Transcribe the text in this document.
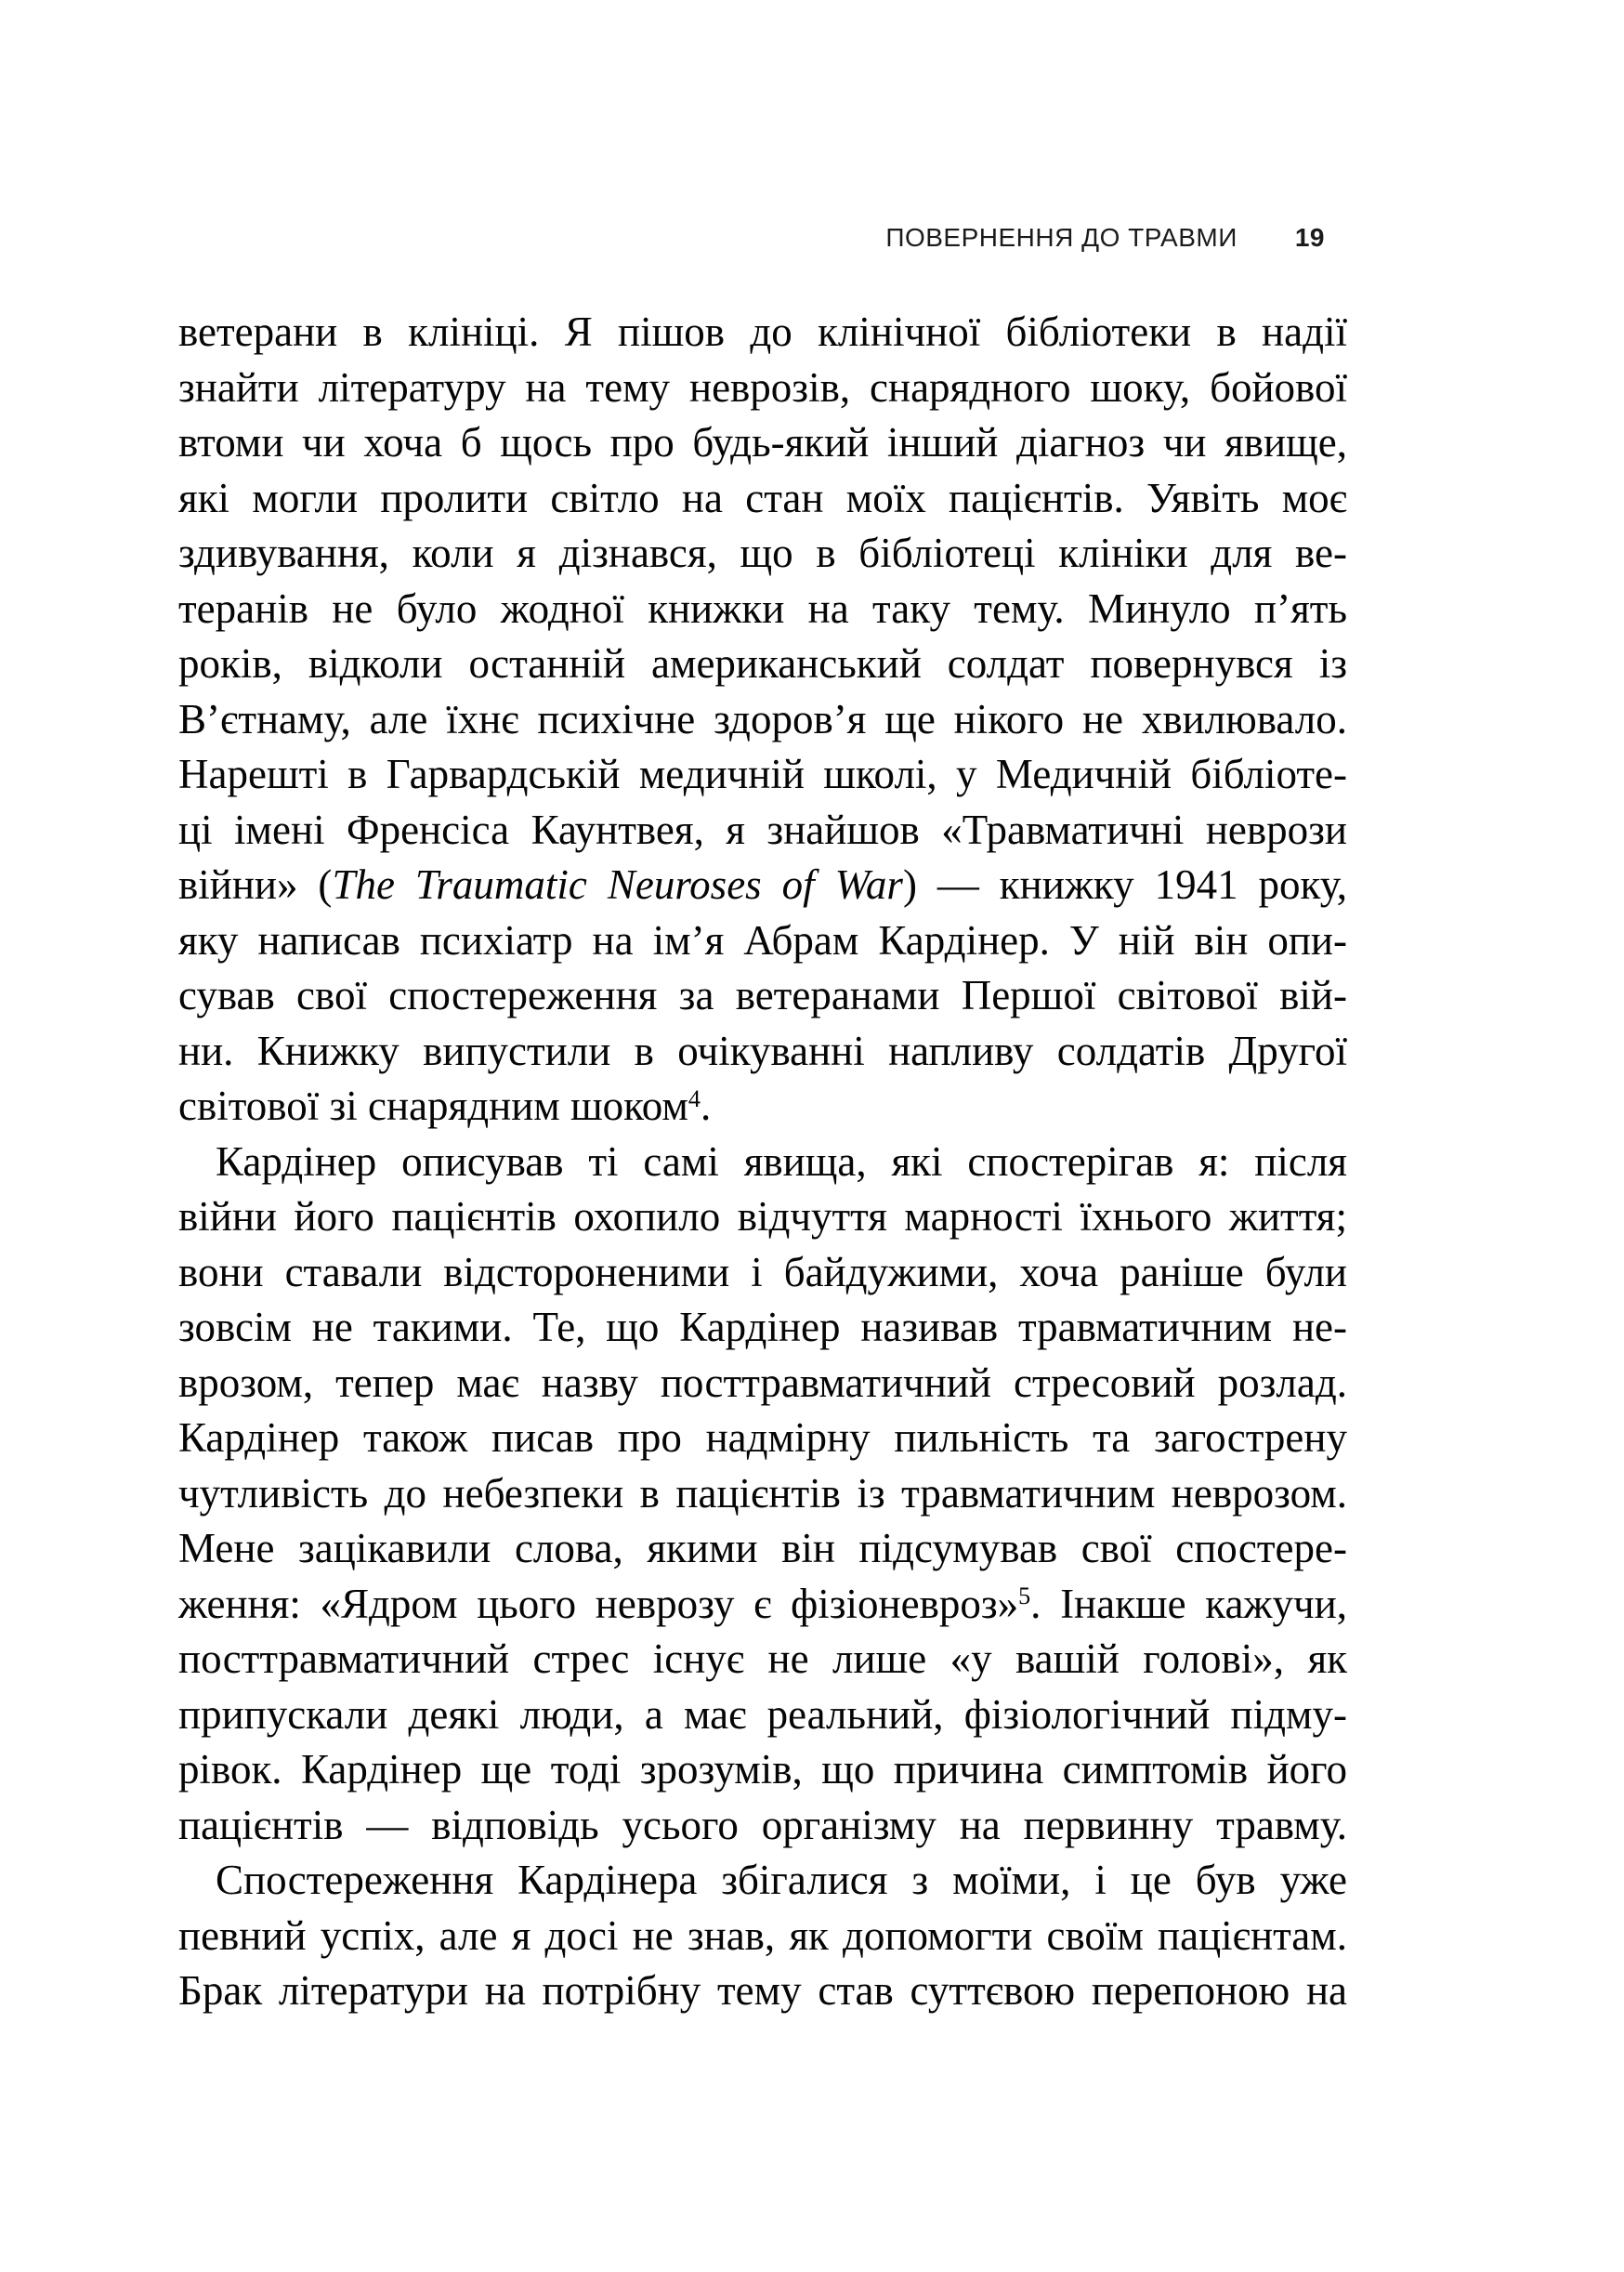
ПОВЕРНЕННЯ ДО ТРАВМИ 19
ветерани в клініці. Я пішов до клінічної бібліотеки в надії
знайти літературу на тему неврозів, снарядного шоку, бойової
втоми чи хоча б щось про будь-який інший діагноз чи явище,
які могли пролити світло на стан моїх пацієнтів. Уявіть моє
здивування, коли я дізнався, що в бібліотеці клініки для ве-
теранів не було жодної книжки на таку тему. Минуло п’ять
років, відколи останній американський солдат повернувся із
В’єтнаму, але їхнє психічне здоров’я ще нікого не хвилювало.
Нарешті в Гарвардській медичній школі, у Медичній бібліоте-
ці імені Френсіса Каунтвея, я знайшов «Травматичні неврози
війни» (The Traumatic Neuroses of War) — книжку 1941 року,
яку написав психіатр на ім’я Абрам Кардінер. У ній він опи-
сував свої спостереження за ветеранами Першої світової вій-
ни. Книжку випустили в очікуванні напливу солдатів Другої
світової зі снарядним шоком$^4$.
Кардінер описував ті самі явища, які спостерігав я: після
війни його пацієнтів охопило відчуття марності їхнього життя;
вони ставали відстороненими і байдужими, хоча раніше були
зовсім не такими. Те, що Кардінер називав травматичним не-
врозом, тепер має назву посттравматичний стресовий розлад.
Кардінер також писав про надмірну пильність та загострену
чутливість до небезпеки в пацієнтів із травматичним неврозом.
Мене зацікавили слова, якими він підсумував свої спостере-
ження: «Ядром цього неврозу є фізіоневроз»$^5$. Інакше кажучи,
посттравматичний стрес існує не лише «у вашій голові», як
припускали деякі люди, а має реальний, фізіологічний підму-
рівок. Кардінер ще тоді зрозумів, що причина симптомів його
пацієнтів — відповідь усього організму на первинну травму.
Спостереження Кардінера збігалися з моїми, і це був уже
певний успіх, але я досі не знав, як допомогти своїм пацієнтам.
Брак літератури на потрібну тему став суттєвою перепоною на
